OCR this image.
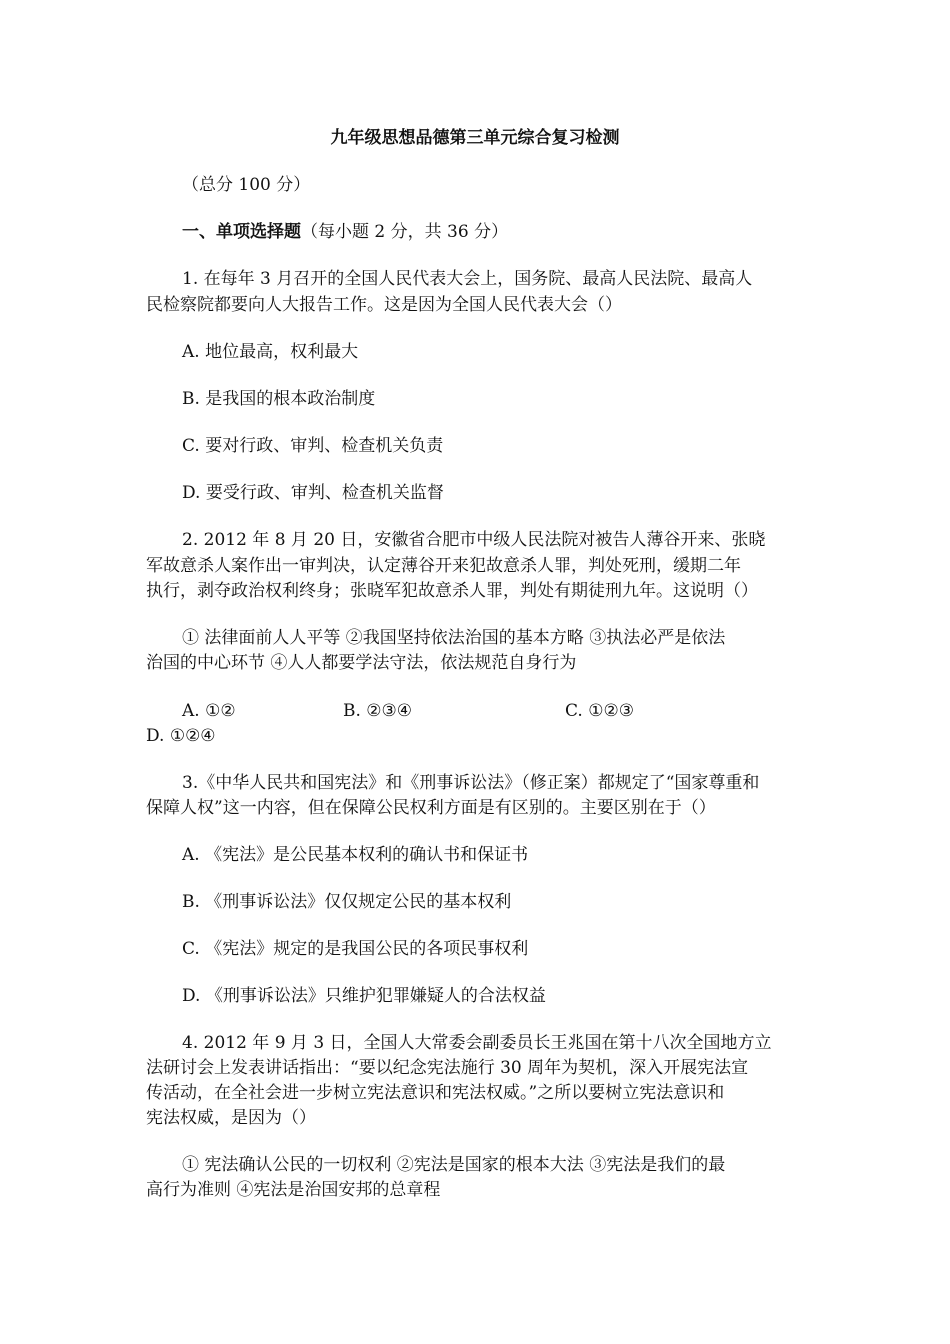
九年级思想品德第三单元综合复习检测
（总分 100 分）
一、单项选择题（每小题 2 分，共 36 分）
1. 在每年 3 月召开的全国人民代表大会上，国务院、最高人民法院、最高人
民检察院都要向人大报告工作。这是因为全国人民代表大会（）
A. 地位最高，权利最大
B. 是我国的根本政治制度
C. 要对行政、审判、检查机关负责
D. 要受行政、审判、检查机关监督
2. 2012 年 8 月 20 日，安徽省合肥市中级人民法院对被告人薄谷开来、张晓
军故意杀人案作出一审判决，认定薄谷开来犯故意杀人罪，判处死刑，缓期二年
执行，剥夺政治权利终身；张晓军犯故意杀人罪，判处有期徒刑九年。这说明（）
① 法律面前人人平等 ②我国坚持依法治国的基本方略 ③执法必严是依法
治国的中心环节 ④人人都要学法守法，依法规范自身行为
A. ①②	B. ②③④	C. ①②③
D. ①②④
3.《中华人民共和国宪法》和《刑事诉讼法》（修正案）都规定了“国家尊重和
保障人权”这一内容，但在保障公民权利方面是有区别的。主要区别在于（）
A. 《宪法》是公民基本权利的确认书和保证书
B. 《刑事诉讼法》仅仅规定公民的基本权利
C. 《宪法》规定的是我国公民的各项民事权利
D. 《刑事诉讼法》只维护犯罪嫌疑人的合法权益
4. 2012 年 9 月 3 日，全国人大常委会副委员长王兆国在第十八次全国地方立
法研讨会上发表讲话指出：“要以纪念宪法施行 30 周年为契机，深入开展宪法宣
传活动，在全社会进一步树立宪法意识和宪法权威。”之所以要树立宪法意识和
宪法权威，是因为（）
① 宪法确认公民的一切权利 ②宪法是国家的根本大法 ③宪法是我们的最
高行为准则 ④宪法是治国安邦的总章程
